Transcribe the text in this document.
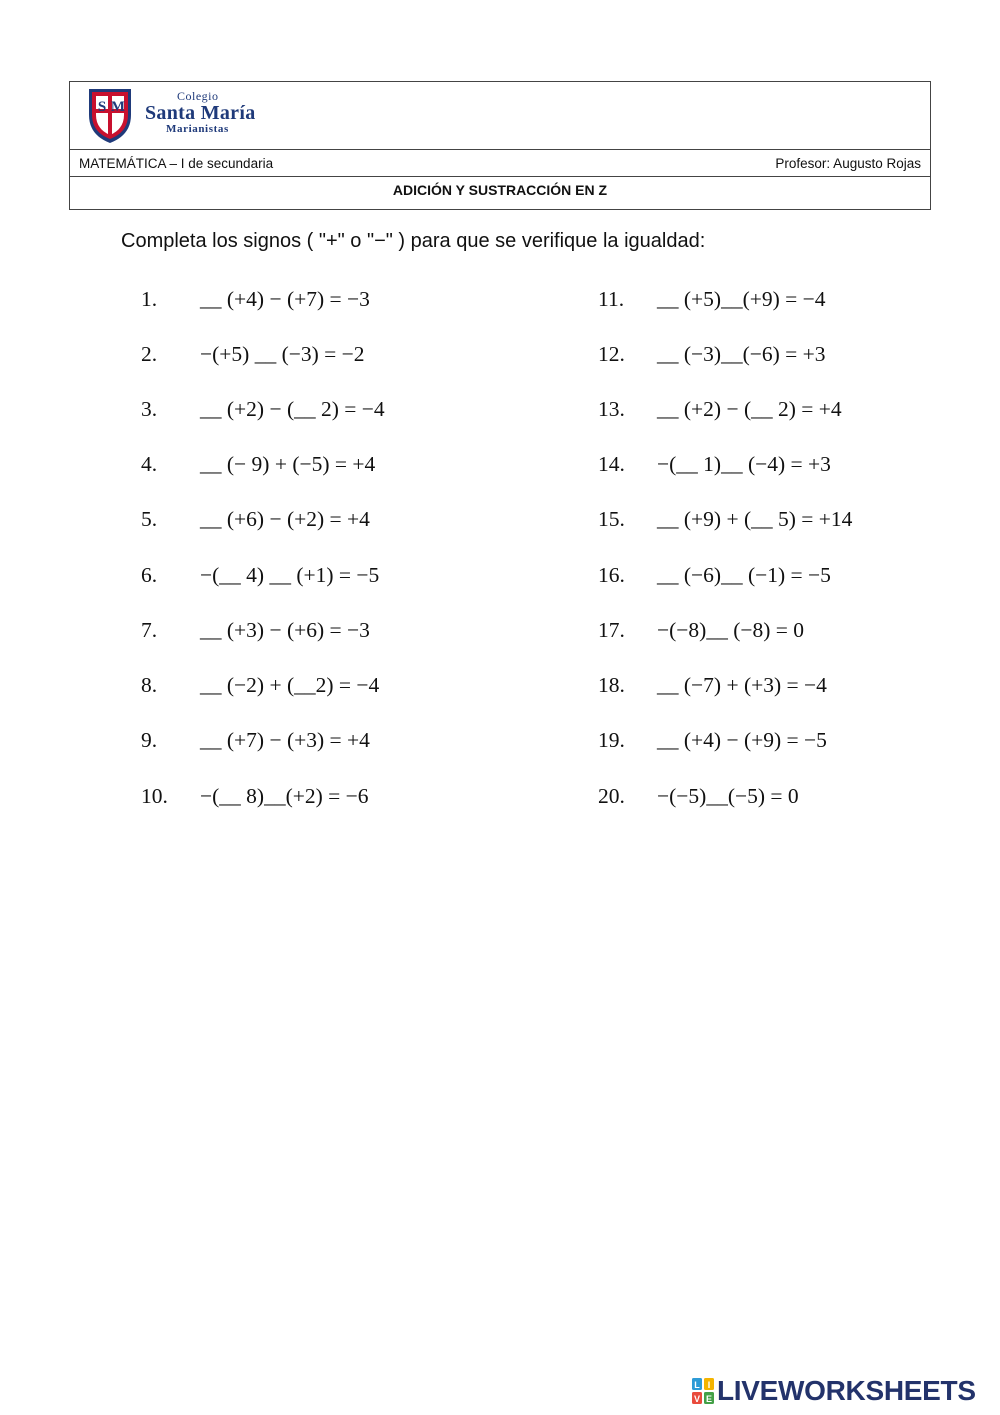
S M
Colegio
Santa María
Marianistas
MATEMÁTICA – I de secundaria	Profesor: Augusto Rojas
ADICIÓN Y SUSTRACCIÓN EN Z
Completa los signos ( "+" o "−" ) para que se verifique la igualdad:
1. __ (+4) − (+7) = −3
2. −(+5) __ (−3) = −2
3. __ (+2) − (__ 2) = −4
4. __ (− 9) + (−5) = +4
5. __ (+6) − (+2) = +4
6. −(__ 4) __ (+1) = −5
7. __ (+3) − (+6) = −3
8. __ (−2) + (__2) = −4
9. __ (+7) − (+3) = +4
10. −(__ 8)__(+2) = −6
11. __ (+5)__(+9) = −4
12. __ (−3)__(−6) = +3
13. __ (+2) − (__ 2) = +4
14. −(__ 1)__ (−4) = +3
15. __ (+9) + (__ 5) = +14
16. __ (−6)__ (−1) = −5
17. −(−8)__ (−8) = 0
18. __ (−7) + (+3) = −4
19. __ (+4) − (+9) = −5
20. −(−5)__(−5) = 0
L I
V E LIVEWORKSHEETS
